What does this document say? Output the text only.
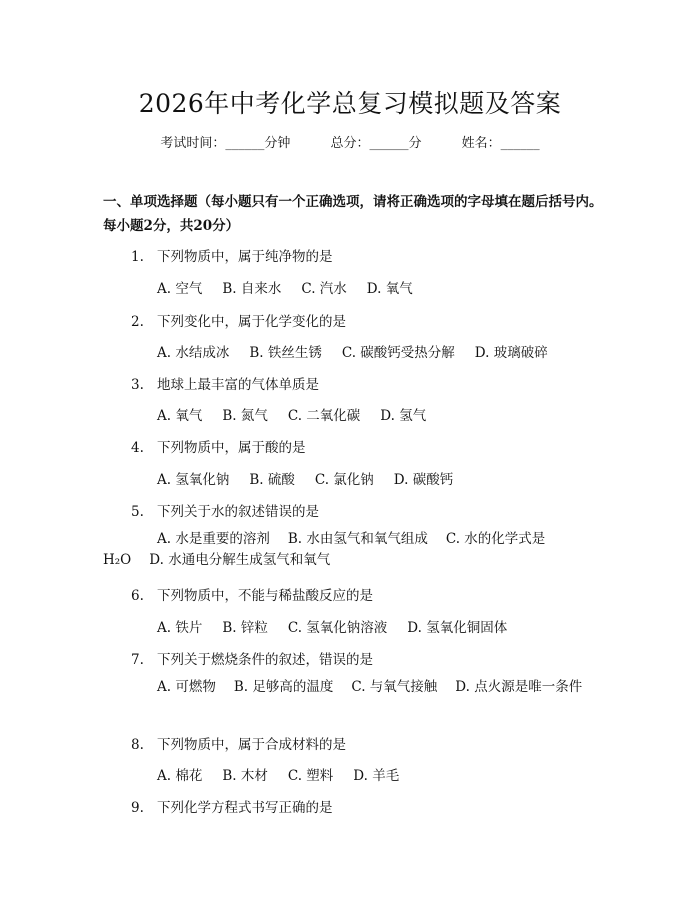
2026年中考化学总复习模拟题及答案
考试时间：______分钟	总分：______分	姓名：______
一、单项选择题（每小题只有一个正确选项，请将正确选项的字母填在题后括号内。每小题2分，共20分）
1. 下列物质中，属于纯净物的是
A. 空气 B. 自来水 C. 汽水 D. 氧气
2. 下列变化中，属于化学变化的是
A. 水结成冰 B. 铁丝生锈 C. 碳酸钙受热分解 D. 玻璃破碎
3. 地球上最丰富的气体单质是
A. 氧气 B. 氮气 C. 二氧化碳 D. 氢气
4. 下列物质中，属于酸的是
A. 氢氧化钠 B. 硫酸 C. 氯化钠 D. 碳酸钙
5. 下列关于水的叙述错误的是
A. 水是重要的溶剂 B. 水由氢气和氧气组成 C. 水的化学式是H₂O D. 水通电分解生成氢气和氧气
6. 下列物质中，不能与稀盐酸反应的是
A. 铁片 B. 锌粒 C. 氢氧化钠溶液 D. 氢氧化铜固体
7. 下列关于燃烧条件的叙述，错误的是
A. 可燃物 B. 足够高的温度 C. 与氧气接触 D. 点火源是唯一条件
8. 下列物质中，属于合成材料的是
A. 棉花 B. 木材 C. 塑料 D. 羊毛
9. 下列化学方程式书写正确的是
